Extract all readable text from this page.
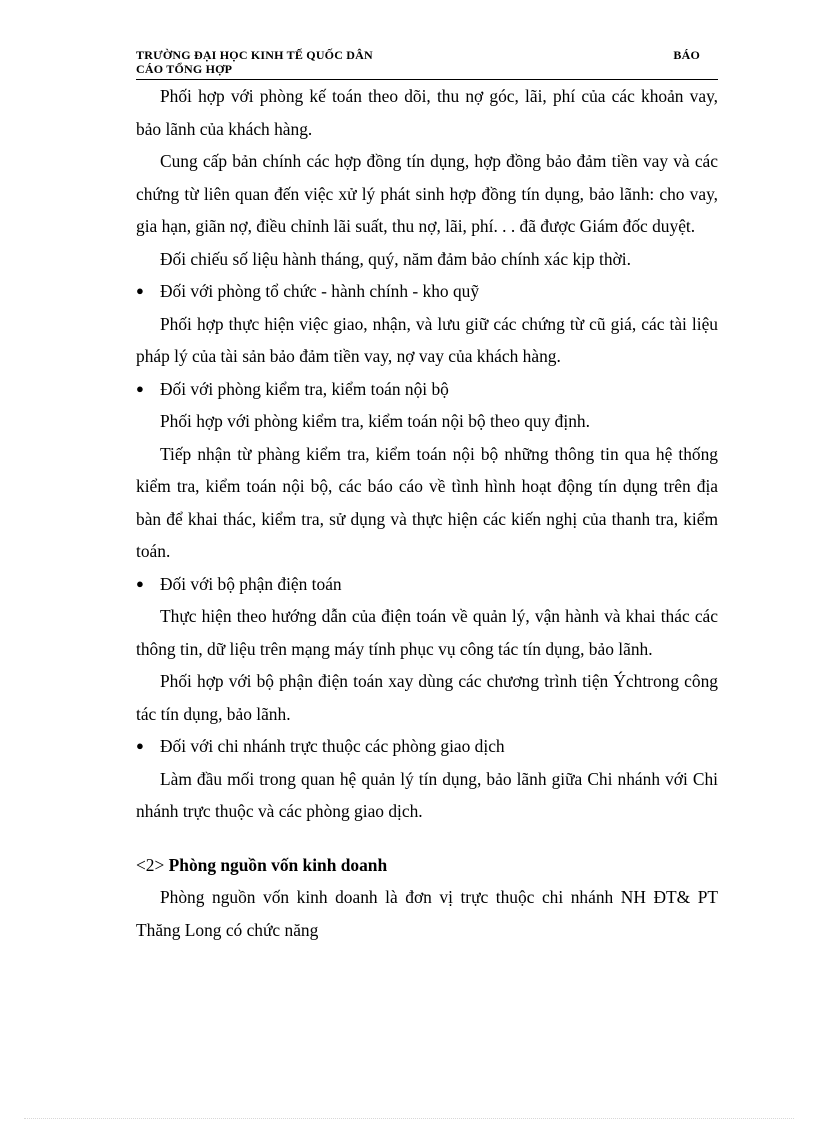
TRƯỜNG ĐẠI HỌC KINH TẾ QUỐC DÂN	BÁO
CÁO TỔNG HỢP

Phối hợp với phòng kế toán theo dõi, thu nợ góc, lãi, phí của các khoản vay, bảo lãnh của khách hàng.

Cung cấp bản chính các hợp đồng tín dụng, hợp đồng bảo đảm tiền vay và các chứng từ liên quan đến việc xử lý phát sinh hợp đồng tín dụng, bảo lãnh: cho vay, gia hạn, giãn nợ, điều chỉnh lãi suất, thu nợ, lãi, phí. . . đã được Giám đốc duyệt.

Đối chiếu số liệu hành tháng, quý, năm đảm bảo chính xác kịp thời.

● Đối với phòng tổ chức - hành chính - kho quỹ

Phối hợp thực hiện việc giao, nhận, và lưu giữ các chứng từ cũ giá, các tài liệu pháp lý của tài sản bảo đảm tiền vay, nợ vay của khách hàng.

● Đối với phòng kiểm tra, kiểm toán nội bộ

Phối hợp với phòng kiểm tra, kiểm toán nội bộ theo quy định.

Tiếp nhận từ phàng kiểm tra, kiểm toán nội bộ những thông tin qua hệ thống kiểm tra, kiểm toán nội bộ, các báo cáo về tình hình hoạt động tín dụng trên địa bàn để khai thác, kiểm tra, sử dụng và thực hiện các kiến nghị của thanh tra, kiểm toán.

● Đối với bộ phận điện toán

Thực hiện theo hướng dẫn của điện toán về quản lý, vận hành và khai thác các thông tin, dữ liệu trên mạng máy tính phục vụ công tác tín dụng, bảo lãnh.

Phối hợp với bộ phận điện toán xay dùng các chương trình tiện Ýchtrong công tác tín dụng, bảo lãnh.

● Đối với chi nhánh trực thuộc các phòng giao dịch

Làm đầu mối trong quan hệ quản lý tín dụng, bảo lãnh giữa Chi nhánh với Chi nhánh trực thuộc và các phòng giao dịch.

<2> Phòng nguồn vốn kinh doanh

Phòng nguồn vốn kinh doanh là đơn vị trực thuộc chi nhánh NH ĐT& PT Thăng Long có chức năng
